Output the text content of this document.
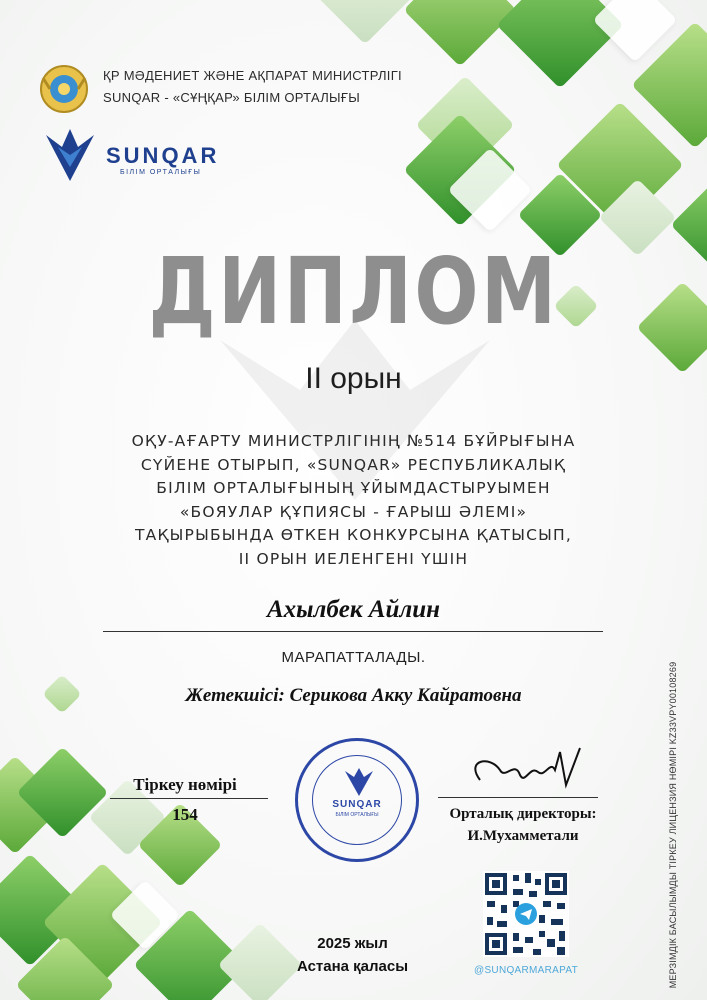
ҚР МӘДЕНИЕТ ЖӘНЕ АҚПАРАТ МИНИСТРЛІГІ
SUNQAR - «СҰҢҚАР» БІЛІМ ОРТАЛЫҒЫ
SUNQAR
БІЛІМ ОРТАЛЫҒЫ
ДИПЛОМ
II орын
ОҚУ-АҒАРТУ МИНИСТРЛІГІНІҢ №514 БҰЙРЫҒЫНА
СҮЙЕНЕ ОТЫРЫП, «SUNQAR» РЕСПУБЛИКАЛЫҚ
БІЛІМ ОРТАЛЫҒЫНЫҢ ҰЙЫМДАСТЫРУЫМЕН
«БОЯУЛАР ҚҰПИЯСЫ - ҒАРЫШ ӘЛЕМІ»
ТАҚЫРЫБЫНДА ӨТКЕН КОНКУРСЫНА ҚАТЫСЫП,
II ОРЫН ИЕЛЕНГЕНІ ҮШІН
Ахылбек Айлин
МАРАПАТТАЛАДЫ.
Жетекшісі: Серикова Акку Кайратовна
Тіркеу нөмірі
154
SUNQAR
БІЛІМ ОРТАЛЫҒЫ	Орталық директоры:
И.Мухамметали
@SUNQARMARAPAT
2025 жыл
Астана қаласы	МЕРЗІМДІК БАСЫЛЫМДЫ ТІРКЕУ ЛИЦЕНЗИЯ НӨМІРІ KZ33VPY00108269
